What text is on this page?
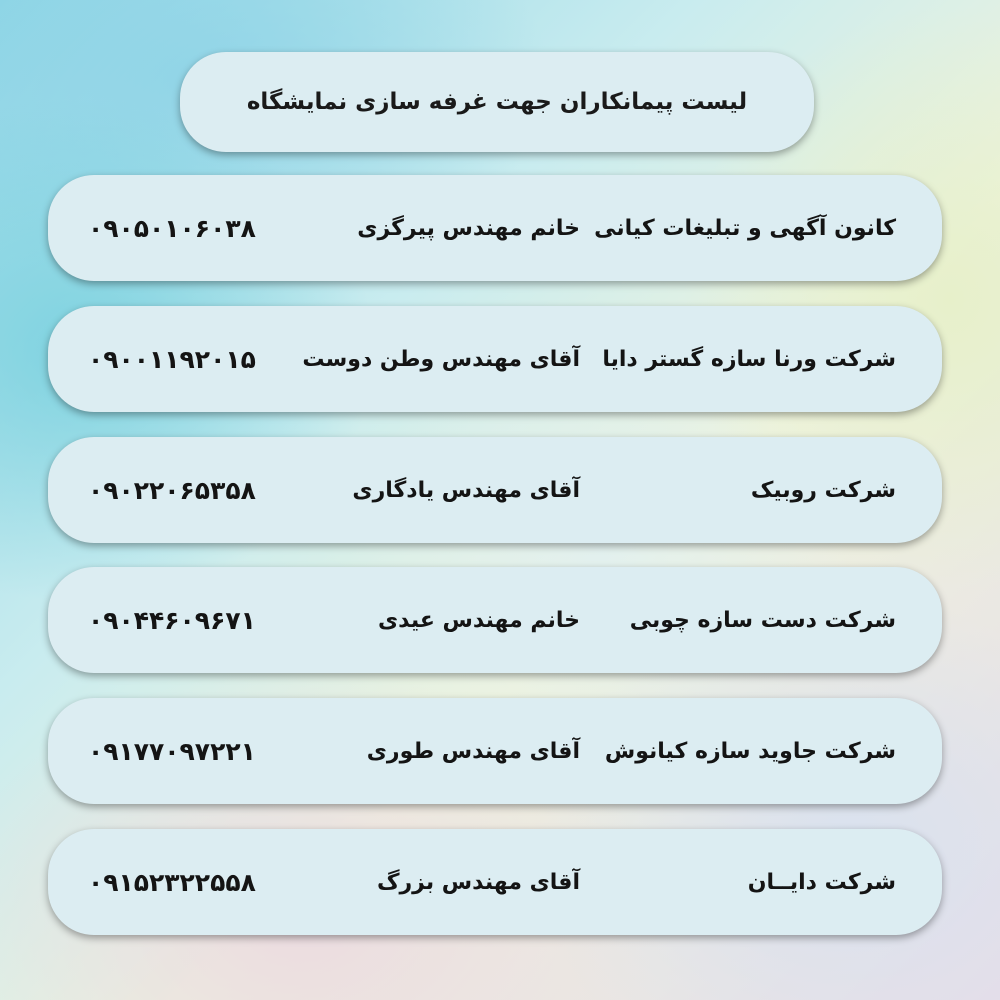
لیست پیمانکاران جهت غرفه سازی نمایشگاه
کانون آگهی و تبلیغات کیانی
خانم مهندس پیرگزی
۰۹۰۵۰۱۰۶۰۳۸
شرکت ورنا سازه گستر دایا
آقای مهندس وطن دوست
۰۹۰۰۱۱۹۲۰۱۵
شرکت روبیک
آقای مهندس یادگاری
۰۹۰۲۲۰۶۵۳۵۸
شرکت دست سازه چوبی
خانم مهندس عیدی
۰۹۰۴۴۶۰۹۶۷۱
شرکت جاوید سازه کیانوش
آقای مهندس طوری
۰۹۱۷۷۰۹۷۲۲۱
شرکت دایــان
آقای مهندس بزرگ
۰۹۱۵۲۳۲۲۵۵۸
